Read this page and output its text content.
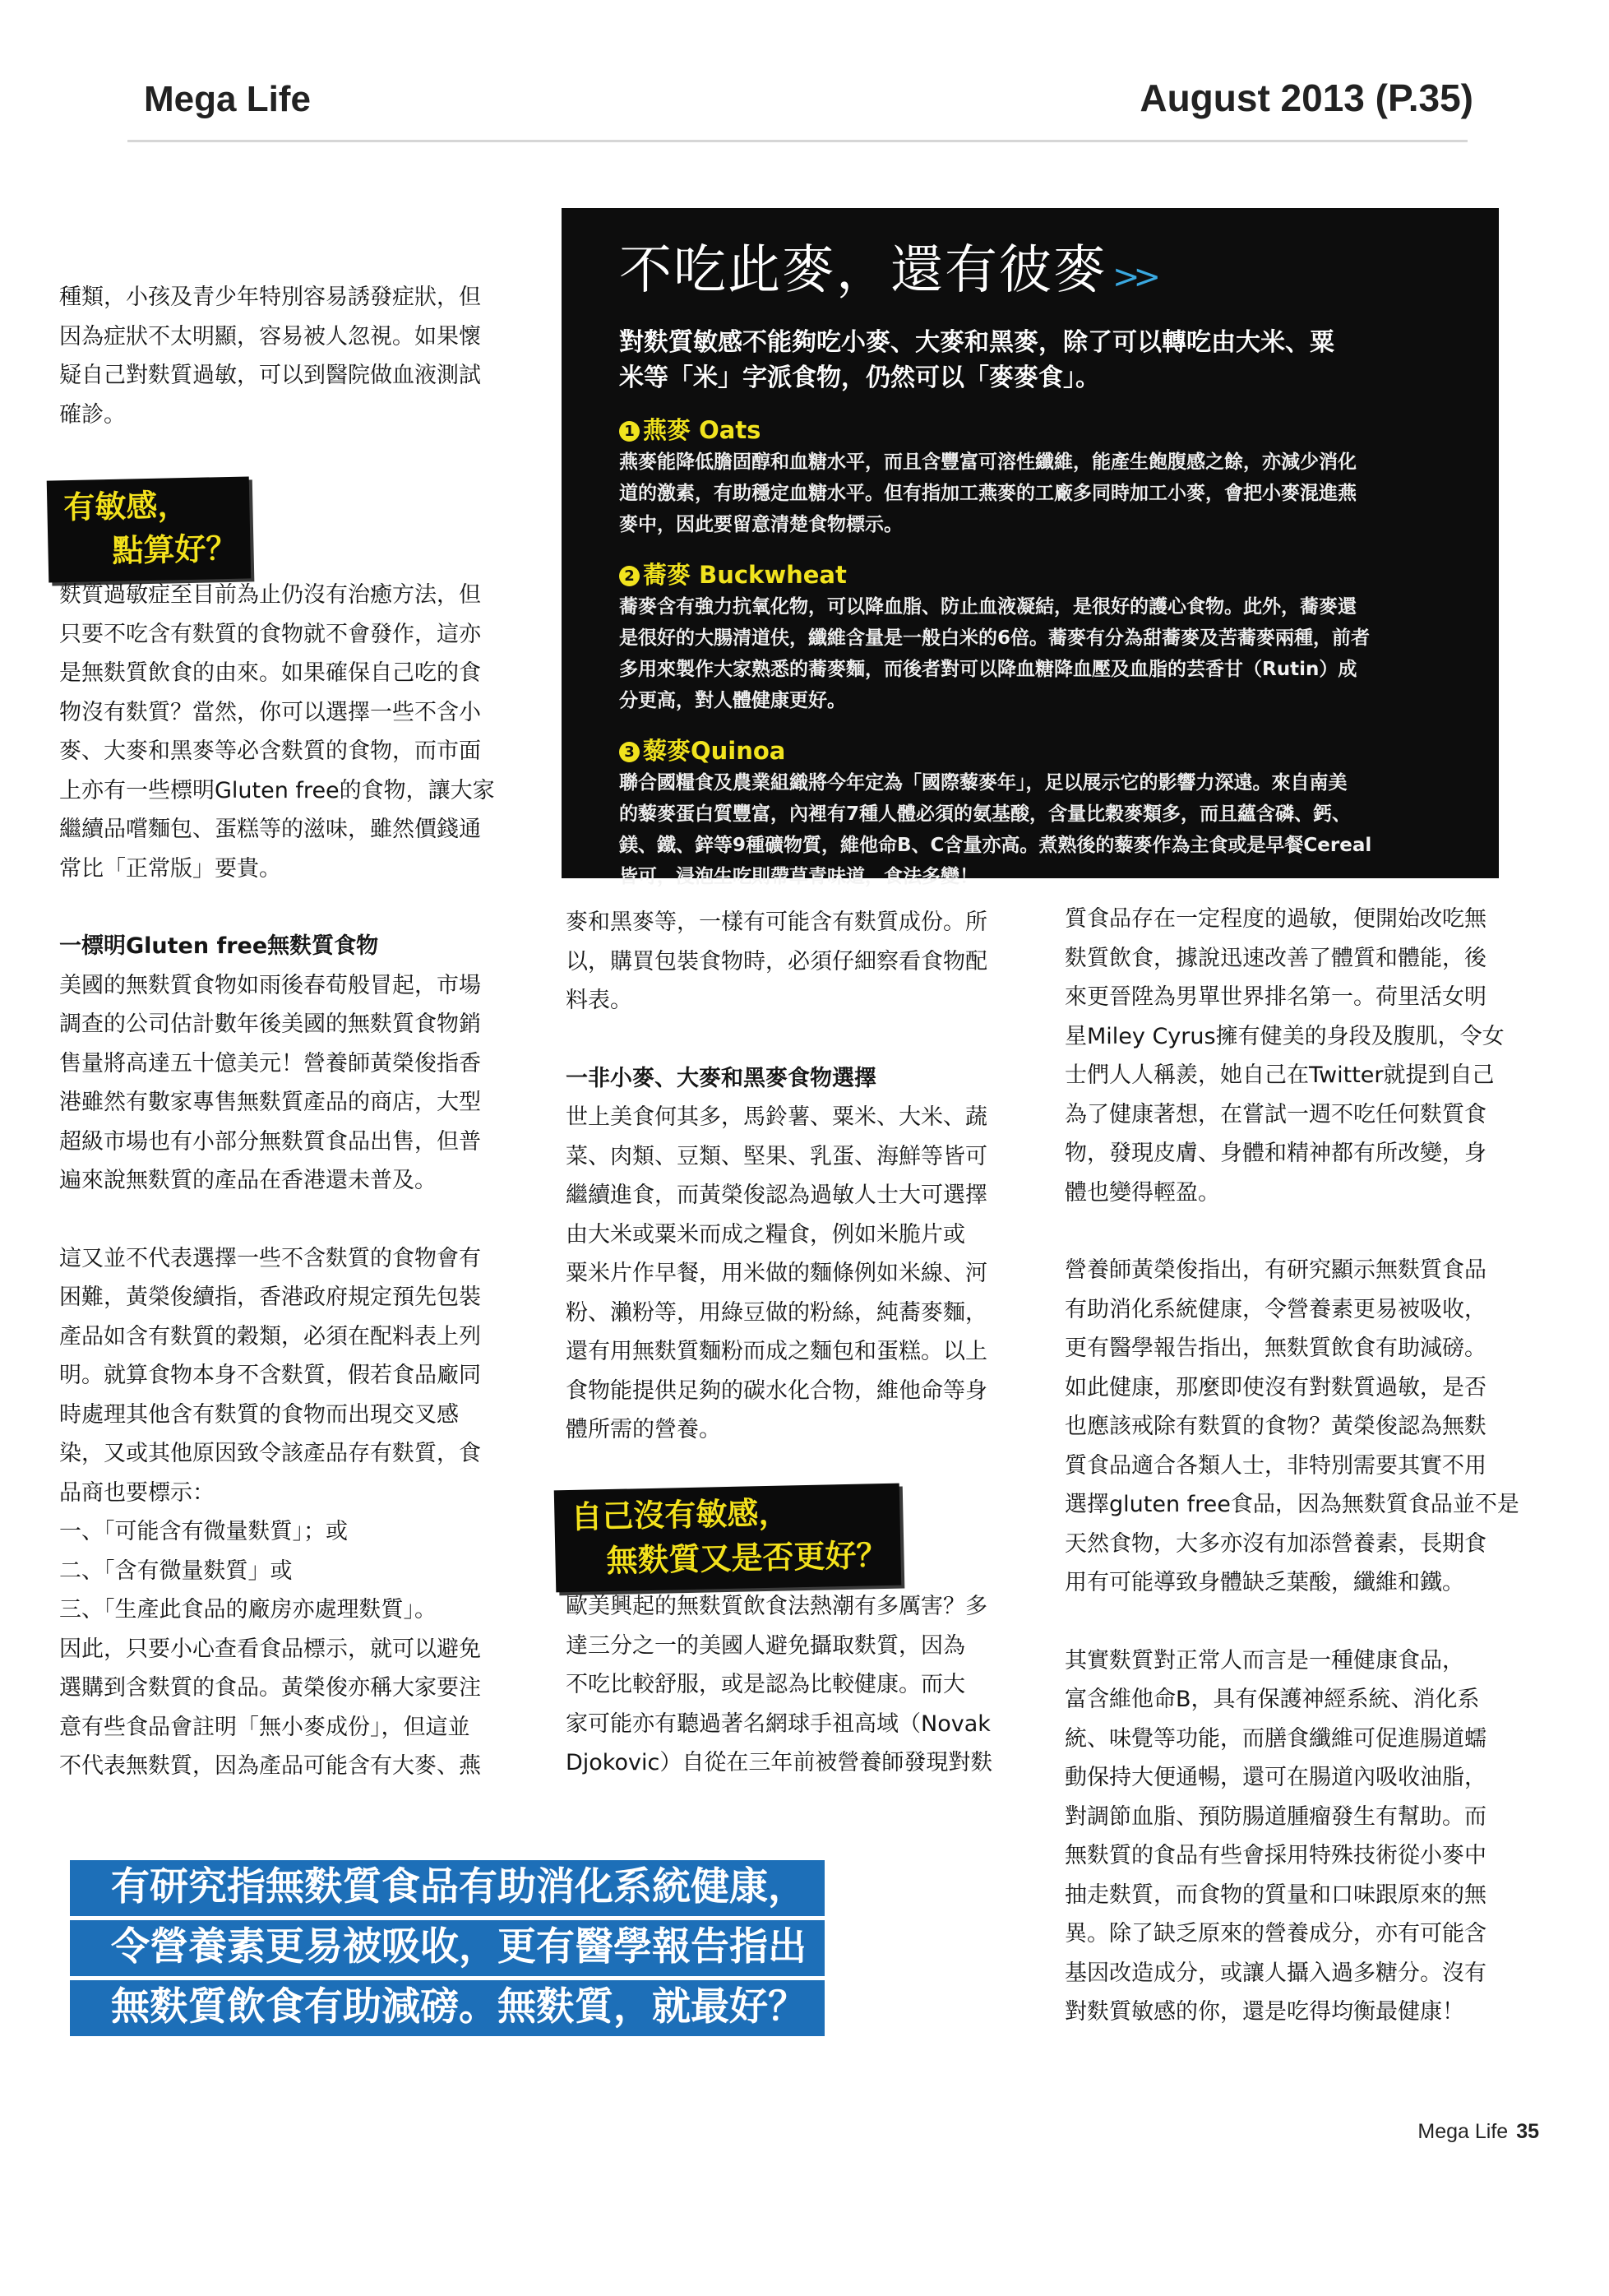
Mega Life	August 2013 (P.35)

種類，小孩及青少年特別容易誘發症狀，但

因為症狀不太明顯，容易被人忽視。如果懷

疑自己對麩質過敏，可以到醫院做血液測試

確診。

有敏感，
點算好？

麩質過敏症至目前為止仍沒有治癒方法，但

只要不吃含有麩質的食物就不會發作，這亦

是無麩質飲食的由來。如果確保自己吃的食

物沒有麩質？當然，你可以選擇一些不含小

麥、大麥和黑麥等必含麩質的食物，而市面

上亦有一些標明Gluten free的食物，讓大家

繼續品嚐麵包、蛋糕等的滋味，雖然價錢通

常比「正常版」要貴。

一標明Gluten free無麩質食物

美國的無麩質食物如雨後春荀般冒起，市場

調查的公司估計數年後美國的無麩質食物銷

售量將高達五十億美元！營養師黃榮俊指香

港雖然有數家專售無麩質產品的商店，大型

超級市場也有小部分無麩質食品出售，但普

遍來說無麩質的產品在香港還未普及。

這又並不代表選擇一些不含麩質的食物會有

困難，黃榮俊續指，香港政府規定預先包裝

產品如含有麩質的穀類，必須在配料表上列

明。就算食物本身不含麩質，假若食品廠同

時處理其他含有麩質的食物而出現交叉感

染，又或其他原因致令該產品存有麩質，食

品商也要標示：

一、「可能含有微量麩質」；或

二、「含有微量麩質」或

三、「生產此食品的廠房亦處理麩質」。

因此，只要小心查看食品標示，就可以避免

選購到含麩質的食品。黃榮俊亦稱大家要注

意有些食品會註明「無小麥成份」，但這並

不代表無麩質，因為產品可能含有大麥、燕

不吃此麥，還有彼麥 >>
對麩質敏感不能夠吃小麥、大麥和黑麥，除了可以轉吃由大米、粟
米等「米」字派食物，仍然可以「麥麥食」。
1 燕麥 Oats
燕麥能降低膽固醇和血糖水平，而且含豐富可溶性纖維，能產生飽腹感之餘，亦減少消化
道的激素，有助穩定血糖水平。但有指加工燕麥的工廠多同時加工小麥，會把小麥混進燕
麥中，因此要留意清楚食物標示。
2 蕎麥 Buckwheat
蕎麥含有強力抗氧化物，可以降血脂、防止血液凝結，是很好的護心食物。此外，蕎麥還
是很好的大腸清道伕，纖維含量是一般白米的6倍。蕎麥有分為甜蕎麥及苦蕎麥兩種，前者
多用來製作大家熟悉的蕎麥麵，而後者對可以降血糖降血壓及血脂的芸香甘（Rutin）成
分更高，對人體健康更好。
3 藜麥Quinoa
聯合國糧食及農業組織將今年定為「國際藜麥年」，足以展示它的影響力深遠。來自南美
的藜麥蛋白質豐富，內裡有7種人體必須的氨基酸，含量比穀麥類多，而且蘊含磷、鈣、
鎂、鐵、鋅等9種礦物質，維他命B、C含量亦高。煮熟後的藜麥作為主食或是早餐Cereal
皆可，浸泡生吃則帶草青味道，食法多變！

麥和黑麥等，一樣有可能含有麩質成份。所

以，購買包裝食物時，必須仔細察看食物配

料表。

一非小麥、大麥和黑麥食物選擇

世上美食何其多，馬鈴薯、粟米、大米、蔬

菜、肉類、豆類、堅果、乳蛋、海鮮等皆可

繼續進食，而黃榮俊認為過敏人士大可選擇

由大米或粟米而成之糧食，例如米脆片或

粟米片作早餐，用米做的麵條例如米線、河

粉、瀨粉等，用綠豆做的粉絲，純蕎麥麵，

還有用無麩質麵粉而成之麵包和蛋糕。以上

食物能提供足夠的碳水化合物，維他命等身

體所需的營養。

自己沒有敏感，
無麩質又是否更好？

歐美興起的無麩質飲食法熱潮有多厲害？多

達三分之一的美國人避免攝取麩質，因為

不吃比較舒服，或是認為比較健康。而大

家可能亦有聽過著名網球手祖高域（Novak

Djokovic）自從在三年前被營養師發現對麩

質食品存在一定程度的過敏，便開始改吃無

麩質飲食，據說迅速改善了體質和體能，後

來更晉陞為男單世界排名第一。荷里活女明

星Miley Cyrus擁有健美的身段及腹肌，令女

士們人人稱羨，她自己在Twitter就提到自己

為了健康著想，在嘗試一週不吃任何麩質食

物，發現皮膚、身體和精神都有所改變，身

體也變得輕盈。

營養師黃榮俊指出，有研究顯示無麩質食品

有助消化系統健康，令營養素更易被吸收，

更有醫學報告指出，無麩質飲食有助減磅。

如此健康，那麼即使沒有對麩質過敏，是否

也應該戒除有麩質的食物？黃榮俊認為無麩

質食品適合各類人士，非特別需要其實不用

選擇gluten free食品，因為無麩質食品並不是

天然食物，大多亦沒有加添營養素，長期食

用有可能導致身體缺乏葉酸，纖維和鐵。

其實麩質對正常人而言是一種健康食品，

富含維他命B，具有保護神經系統、消化系

統、味覺等功能，而膳食纖維可促進腸道蠕

動保持大便通暢，還可在腸道內吸收油脂，

對調節血脂、預防腸道腫瘤發生有幫助。而

無麩質的食品有些會採用特殊技術從小麥中

抽走麩質，而食物的質量和口味跟原來的無

異。除了缺乏原來的營養成分，亦有可能含

基因改造成分，或讓人攝入過多糖分。沒有

對麩質敏感的你，還是吃得均衡最健康！

有研究指無麩質食品有助消化系統健康，
令營養素更易被吸收，更有醫學報告指出
無麩質飲食有助減磅。無麩質，就最好？
Mega Life 35
